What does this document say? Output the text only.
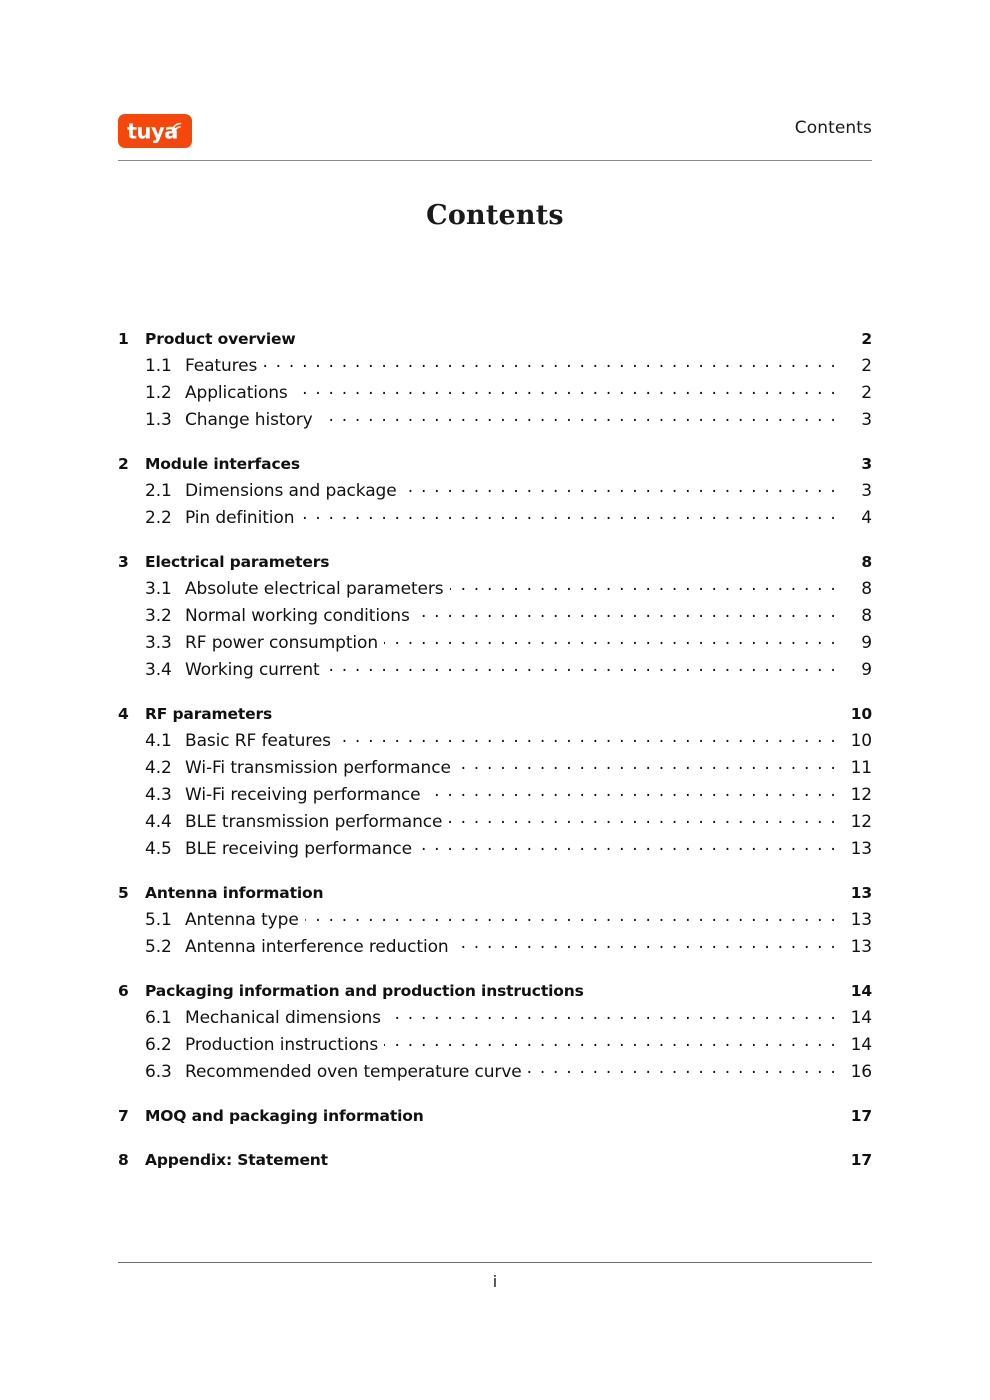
tuya	Contents
Contents
1	Product overview	2
1.1 Features . . .	2
1.2 Applications . . .	2
1.3 Change history . . .	3
2	Module interfaces	3
2.1 Dimensions and package . . .	3
2.2 Pin definition . . .	4
3	Electrical parameters	8
3.1 Absolute electrical parameters . . .	8
3.2 Normal working conditions . . .	8
3.3 RF power consumption . . .	9
3.4 Working current . . .	9
4	RF parameters	10
4.1 Basic RF features . . .	10
4.2 Wi-Fi transmission performance . . .	11
4.3 Wi-Fi receiving performance . . .	12
4.4 BLE transmission performance . . .	12
4.5 BLE receiving performance . . .	13
5	Antenna information	13
5.1 Antenna type . . .	13
5.2 Antenna interference reduction . . .	13
6	Packaging information and production instructions	14
6.1 Mechanical dimensions . . .	14
6.2 Production instructions . . .	14
6.3 Recommended oven temperature curve . . .	16
7	MOQ and packaging information	17
8	Appendix: Statement	17
i
